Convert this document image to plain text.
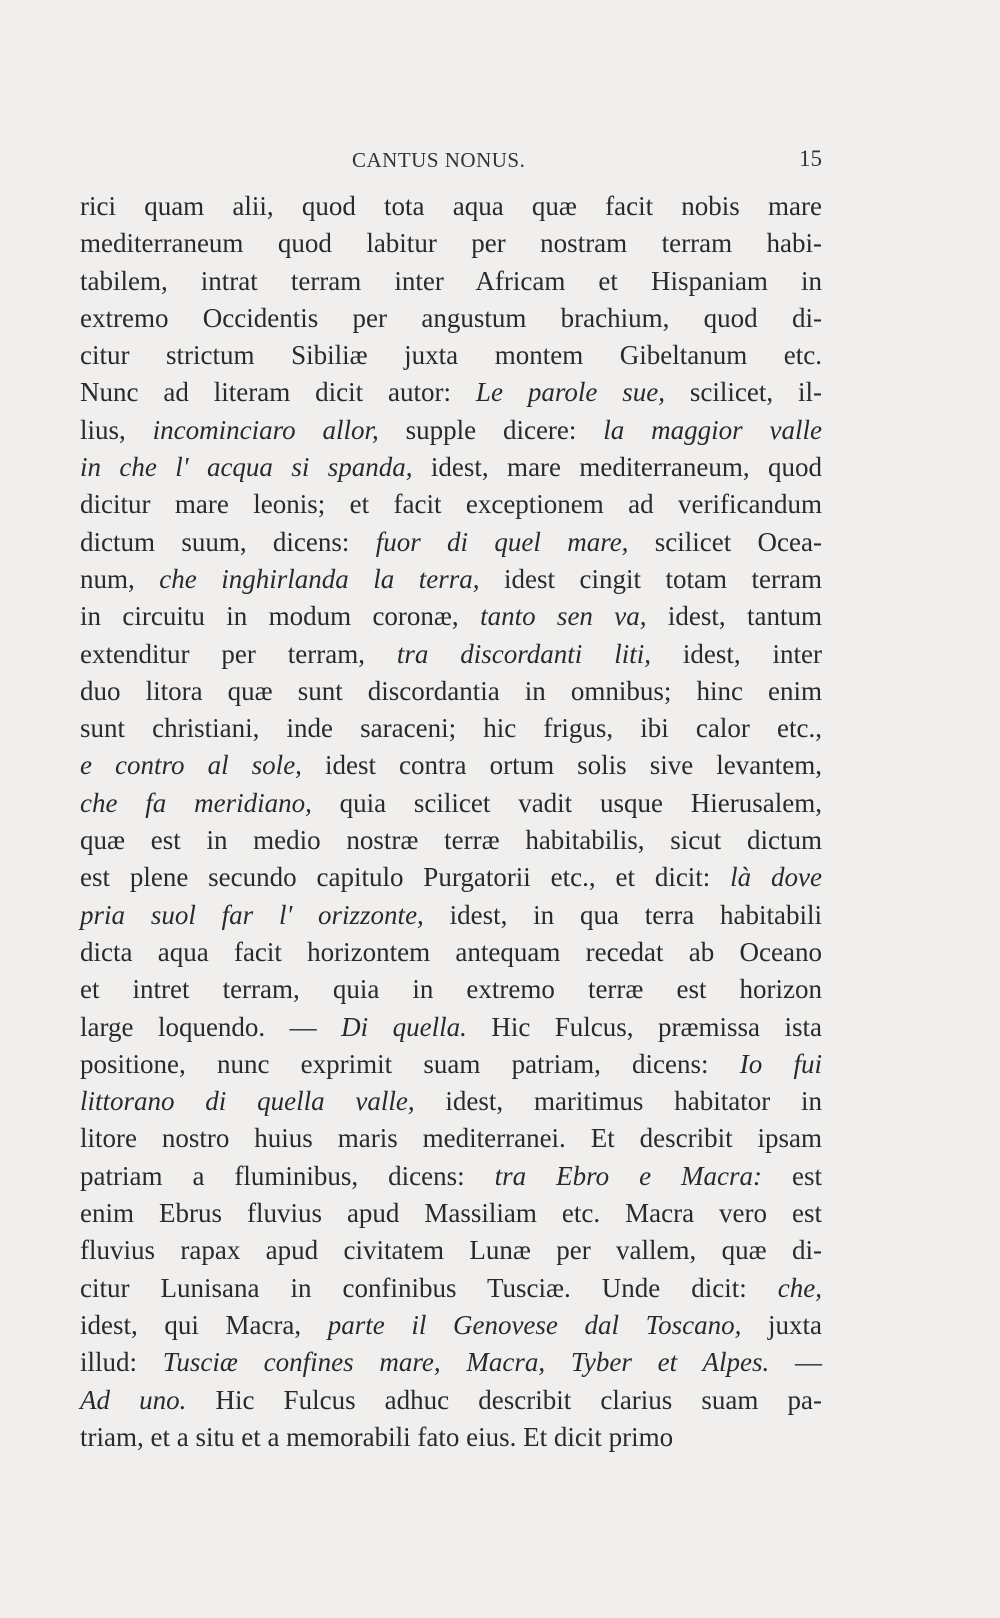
CANTUS NONUS.	15
rici quam alii, quod tota aqua quæ facit nobis mare
mediterraneum quod labitur per nostram terram habi-
tabilem, intrat terram inter Africam et Hispaniam in
extremo Occidentis per angustum brachium, quod di-
citur strictum Sibiliæ juxta montem Gibeltanum etc.
Nunc ad literam dicit autor: Le parole sue, scilicet, il-
lius, incominciaro allor, supple dicere: la maggior valle
in che l' acqua si spanda, idest, mare mediterraneum, quod
dicitur mare leonis; et facit exceptionem ad verificandum
dictum suum, dicens: fuor di quel mare, scilicet Ocea-
num, che inghirlanda la terra, idest cingit totam terram
in circuitu in modum coronæ, tanto sen va, idest, tantum
extenditur per terram, tra discordanti liti, idest, inter
duo litora quæ sunt discordantia in omnibus; hinc enim
sunt christiani, inde saraceni; hic frigus, ibi calor etc.,
e contro al sole, idest contra ortum solis sive levantem,
che fa meridiano, quia scilicet vadit usque Hierusalem,
quæ est in medio nostræ terræ habitabilis, sicut dictum
est plene secundo capitulo Purgatorii etc., et dicit: là dove
pria suol far l' orizzonte, idest, in qua terra habitabili
dicta aqua facit horizontem antequam recedat ab Oceano
et intret terram, quia in extremo terræ est horizon
large loquendo. — Di quella. Hic Fulcus, præmissa ista
positione, nunc exprimit suam patriam, dicens: Io fui
littorano di quella valle, idest, maritimus habitator in
litore nostro huius maris mediterranei. Et describit ipsam
patriam a fluminibus, dicens: tra Ebro e Macra: est
enim Ebrus fluvius apud Massiliam etc. Macra vero est
fluvius rapax apud civitatem Lunæ per vallem, quæ di-
citur Lunisana in confinibus Tusciæ. Unde dicit: che,
idest, qui Macra, parte il Genovese dal Toscano, juxta
illud: Tusciæ confines mare, Macra, Tyber et Alpes. —
Ad uno. Hic Fulcus adhuc describit clarius suam pa-
triam, et a situ et a memorabili fato eius. Et dicit primo
